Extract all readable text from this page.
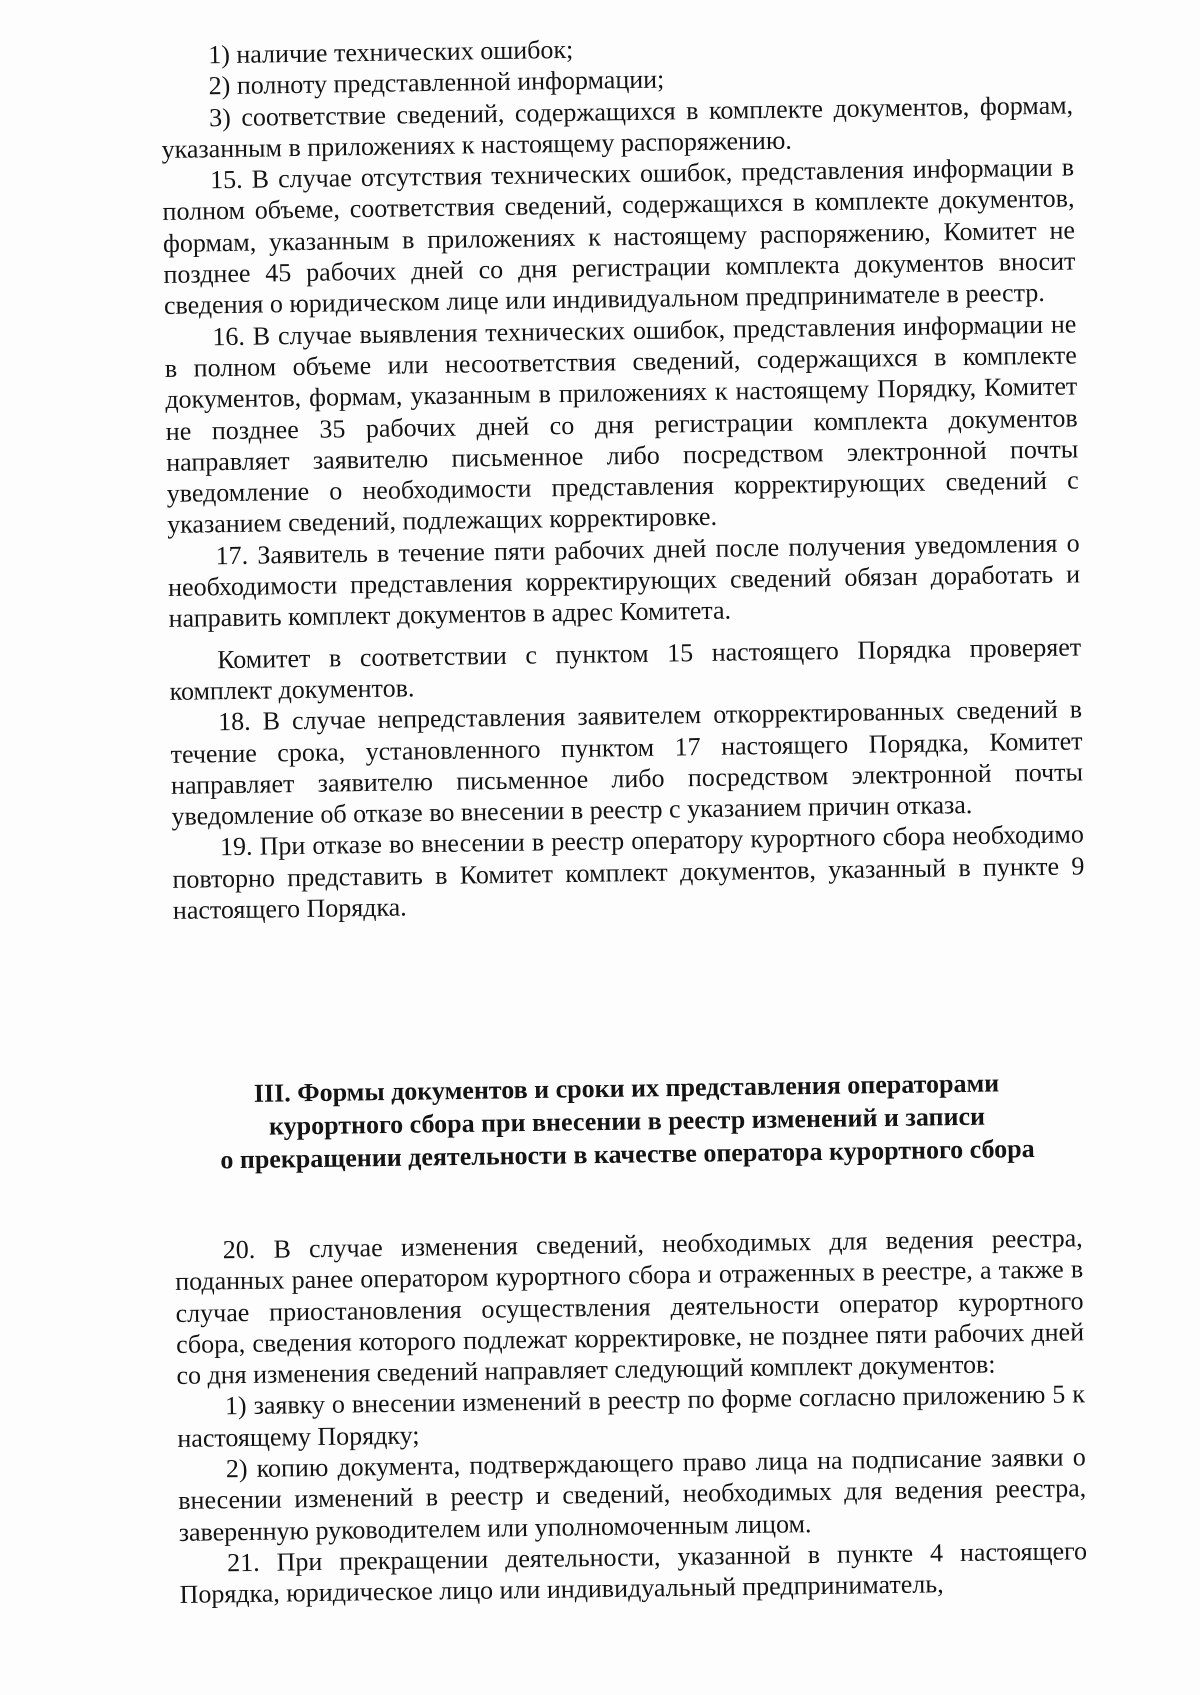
1) наличие технических ошибок;

2) полноту представленной информации;

3) соответствие сведений, содержащихся в комплекте документов, формам, указанным в приложениях к настоящему распоряжению.

15. В случае отсутствия технических ошибок, представления информации в полном объеме, соответствия сведений, содержащихся в комплекте документов, формам, указанным в приложениях к настоящему распоряжению, Комитет не позднее 45 рабочих дней со дня регистрации комплекта документов вносит сведения о юридическом лице или индивидуальном предпринимателе в реестр.

16. В случае выявления технических ошибок, представления информации не в полном объеме или несоответствия сведений, содержащихся в комплекте документов, формам, указанным в приложениях к настоящему Порядку, Комитет не позднее 35 рабочих дней со дня регистрации комплекта документов направляет заявителю письменное либо посредством электронной почты уведомление о необходимости представления корректирующих сведений с указанием сведений, подлежащих корректировке.

17. Заявитель в течение пяти рабочих дней после получения уведомления о необходимости представления корректирующих сведений обязан доработать и направить комплект документов в адрес Комитета.

Комитет в соответствии с пунктом 15 настоящего Порядка проверяет комплект документов.

18. В случае непредставления заявителем откорректированных сведений в течение срока, установленного пунктом 17 настоящего Порядка, Комитет направляет заявителю письменное либо посредством электронной почты уведомление об отказе во внесении в реестр с указанием причин отказа.

19. При отказе во внесении в реестр оператору курортного сбора необходимо повторно представить в Комитет комплект документов, указанный в пункте 9 настоящего Порядка.

III. Формы документов и сроки их представления операторами
курортного сбора при внесении в реестр изменений и записи
о прекращении деятельности в качестве оператора курортного сбора

20. В случае изменения сведений, необходимых для ведения реестра, поданных ранее оператором курортного сбора и отраженных в реестре, а также в случае приостановления осуществления деятельности оператор курортного сбора, сведения которого подлежат корректировке, не позднее пяти рабочих дней со дня изменения сведений направляет следующий комплект документов:

1) заявку о внесении изменений в реестр по форме согласно приложению 5 к настоящему Порядку;

2) копию документа, подтверждающего право лица на подписание заявки о внесении изменений в реестр и сведений, необходимых для ведения реестра, заверенную руководителем или уполномоченным лицом.

21. При прекращении деятельности, указанной в пункте 4 настоящего Порядка, юридическое лицо или индивидуальный предприниматель,
